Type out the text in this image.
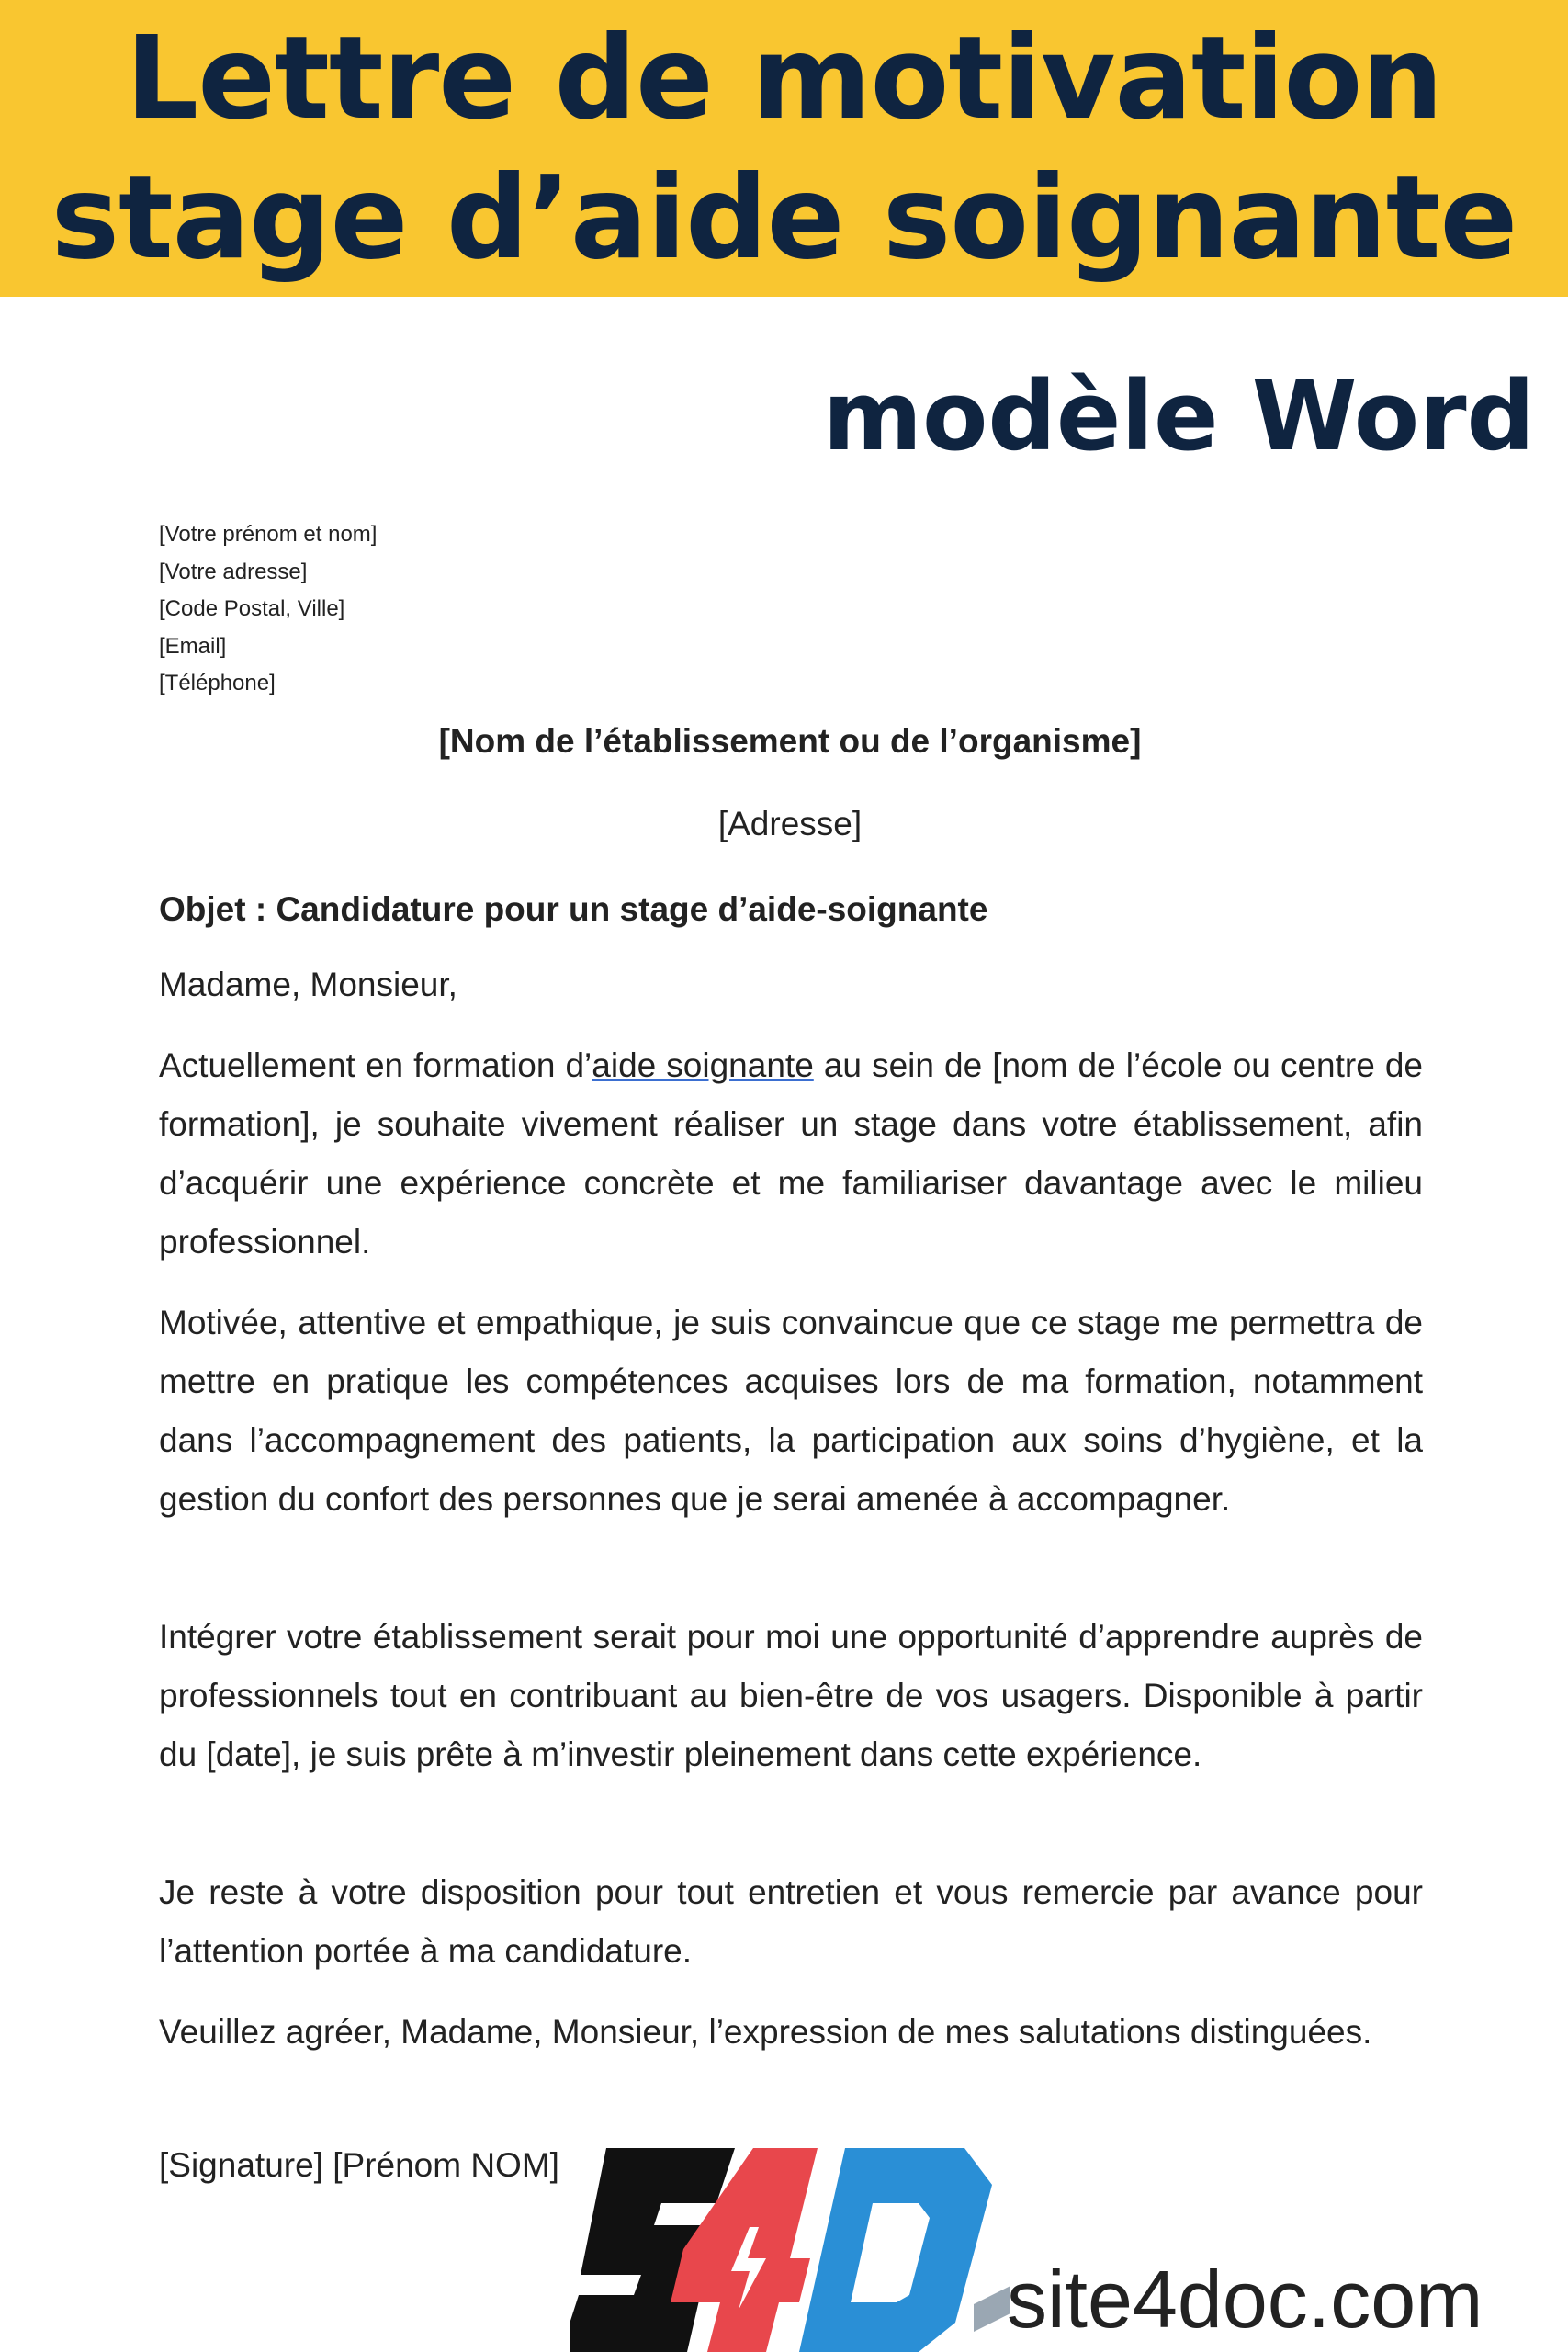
Lettre de motivation
stage d’aide soignante
modèle Word
[Votre prénom et nom]
[Votre adresse]
[Code Postal, Ville]
[Email]
[Téléphone]
[Nom de l’établissement ou de l’organisme]
[Adresse]
Objet : Candidature pour un stage d’aide-soignante
Madame, Monsieur,

Actuellement en formation d’aide soignante au sein de [nom de l’école ou centre de formation], je souhaite vivement réaliser un stage dans votre établissement, afin d’acquérir une expérience concrète et me familiariser davantage avec le milieu professionnel.

Motivée, attentive et empathique, je suis convaincue que ce stage me permettra de mettre en pratique les compétences acquises lors de ma formation, notamment dans l’accompagnement des patients, la participation aux soins d’hygiène, et la gestion du confort des personnes que je serai amenée à accompagner.

Intégrer votre établissement serait pour moi une opportunité d’apprendre auprès de professionnels tout en contribuant au bien-être de vos usagers. Disponible à partir du [date], je suis prête à m’investir pleinement dans cette expérience.

Je reste à votre disposition pour tout entretien et vous remercie par avance pour l’attention portée à ma candidature.

Veuillez agréer, Madame, Monsieur, l’expression de mes salutations distinguées.

[Signature] [Prénom NOM]
site4doc.com
